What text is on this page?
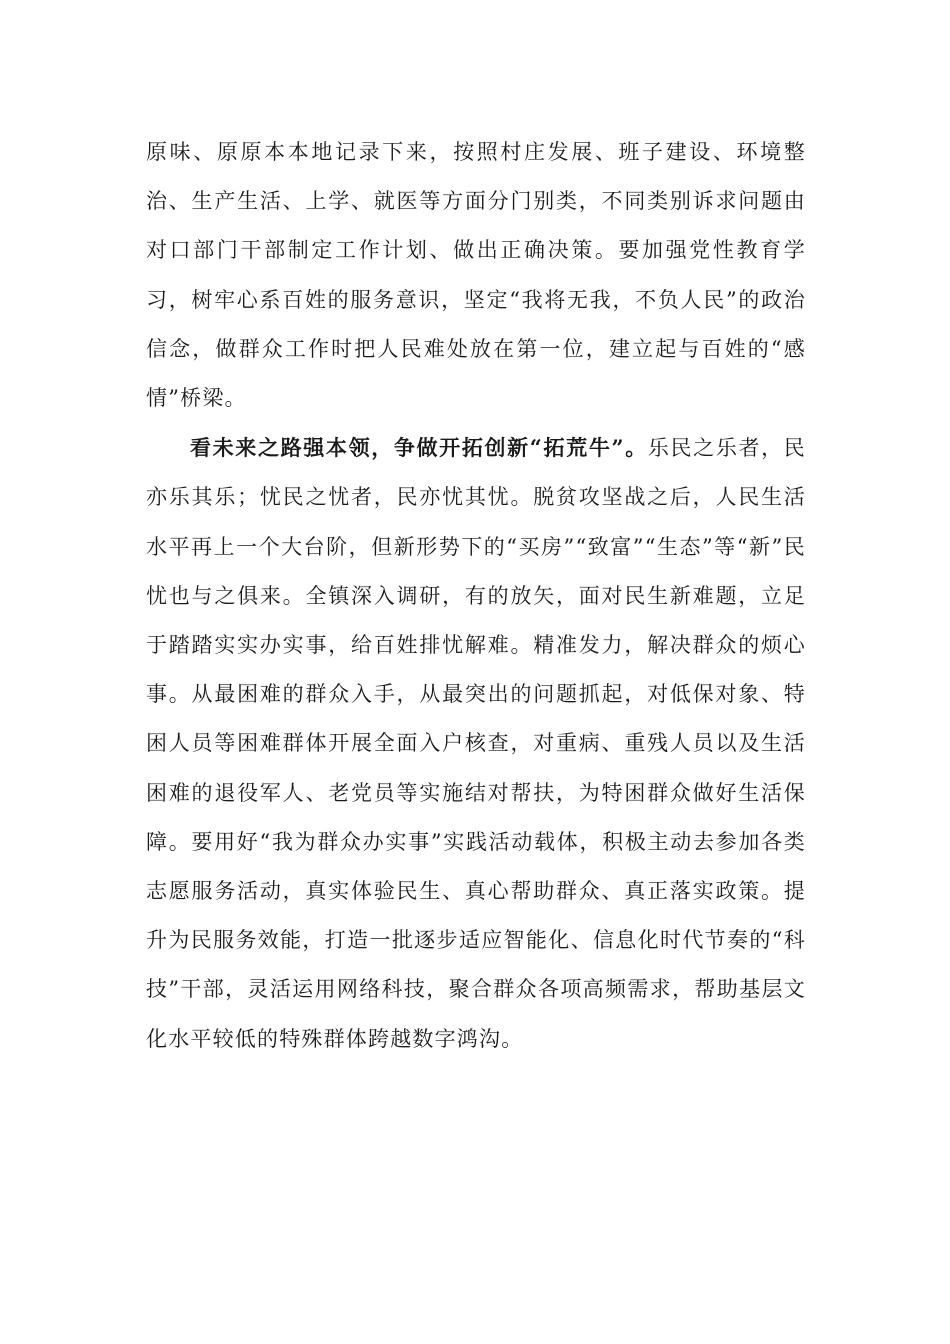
原味、原原本本地记录下来，按照村庄发展、班子建设、环境整治、生产生活、上学、就医等方面分门别类，不同类别诉求问题由对口部门干部制定工作计划、做出正确决策。要加强党性教育学习，树牢心系百姓的服务意识，坚定“我将无我，不负人民”的政治信念，做群众工作时把人民难处放在第一位，建立起与百姓的“感情”桥梁。

看未来之路强本领，争做开拓创新“拓荒牛”。乐民之乐者，民亦乐其乐；忧民之忧者，民亦忧其忧。脱贫攻坚战之后，人民生活水平再上一个大台阶，但新形势下的“买房”“致富”“生态”等“新”民忧也与之俱来。全镇深入调研，有的放矢，面对民生新难题，立足于踏踏实实办实事，给百姓排忧解难。精准发力，解决群众的烦心事。从最困难的群众入手，从最突出的问题抓起，对低保对象、特困人员等困难群体开展全面入户核查，对重病、重残人员以及生活困难的退役军人、老党员等实施结对帮扶，为特困群众做好生活保障。要用好“我为群众办实事”实践活动载体，积极主动去参加各类志愿服务活动，真实体验民生、真心帮助群众、真正落实政策。提升为民服务效能，打造一批逐步适应智能化、信息化时代节奏的“科技”干部，灵活运用网络科技，聚合群众各项高频需求，帮助基层文化水平较低的特殊群体跨越数字鸿沟。
